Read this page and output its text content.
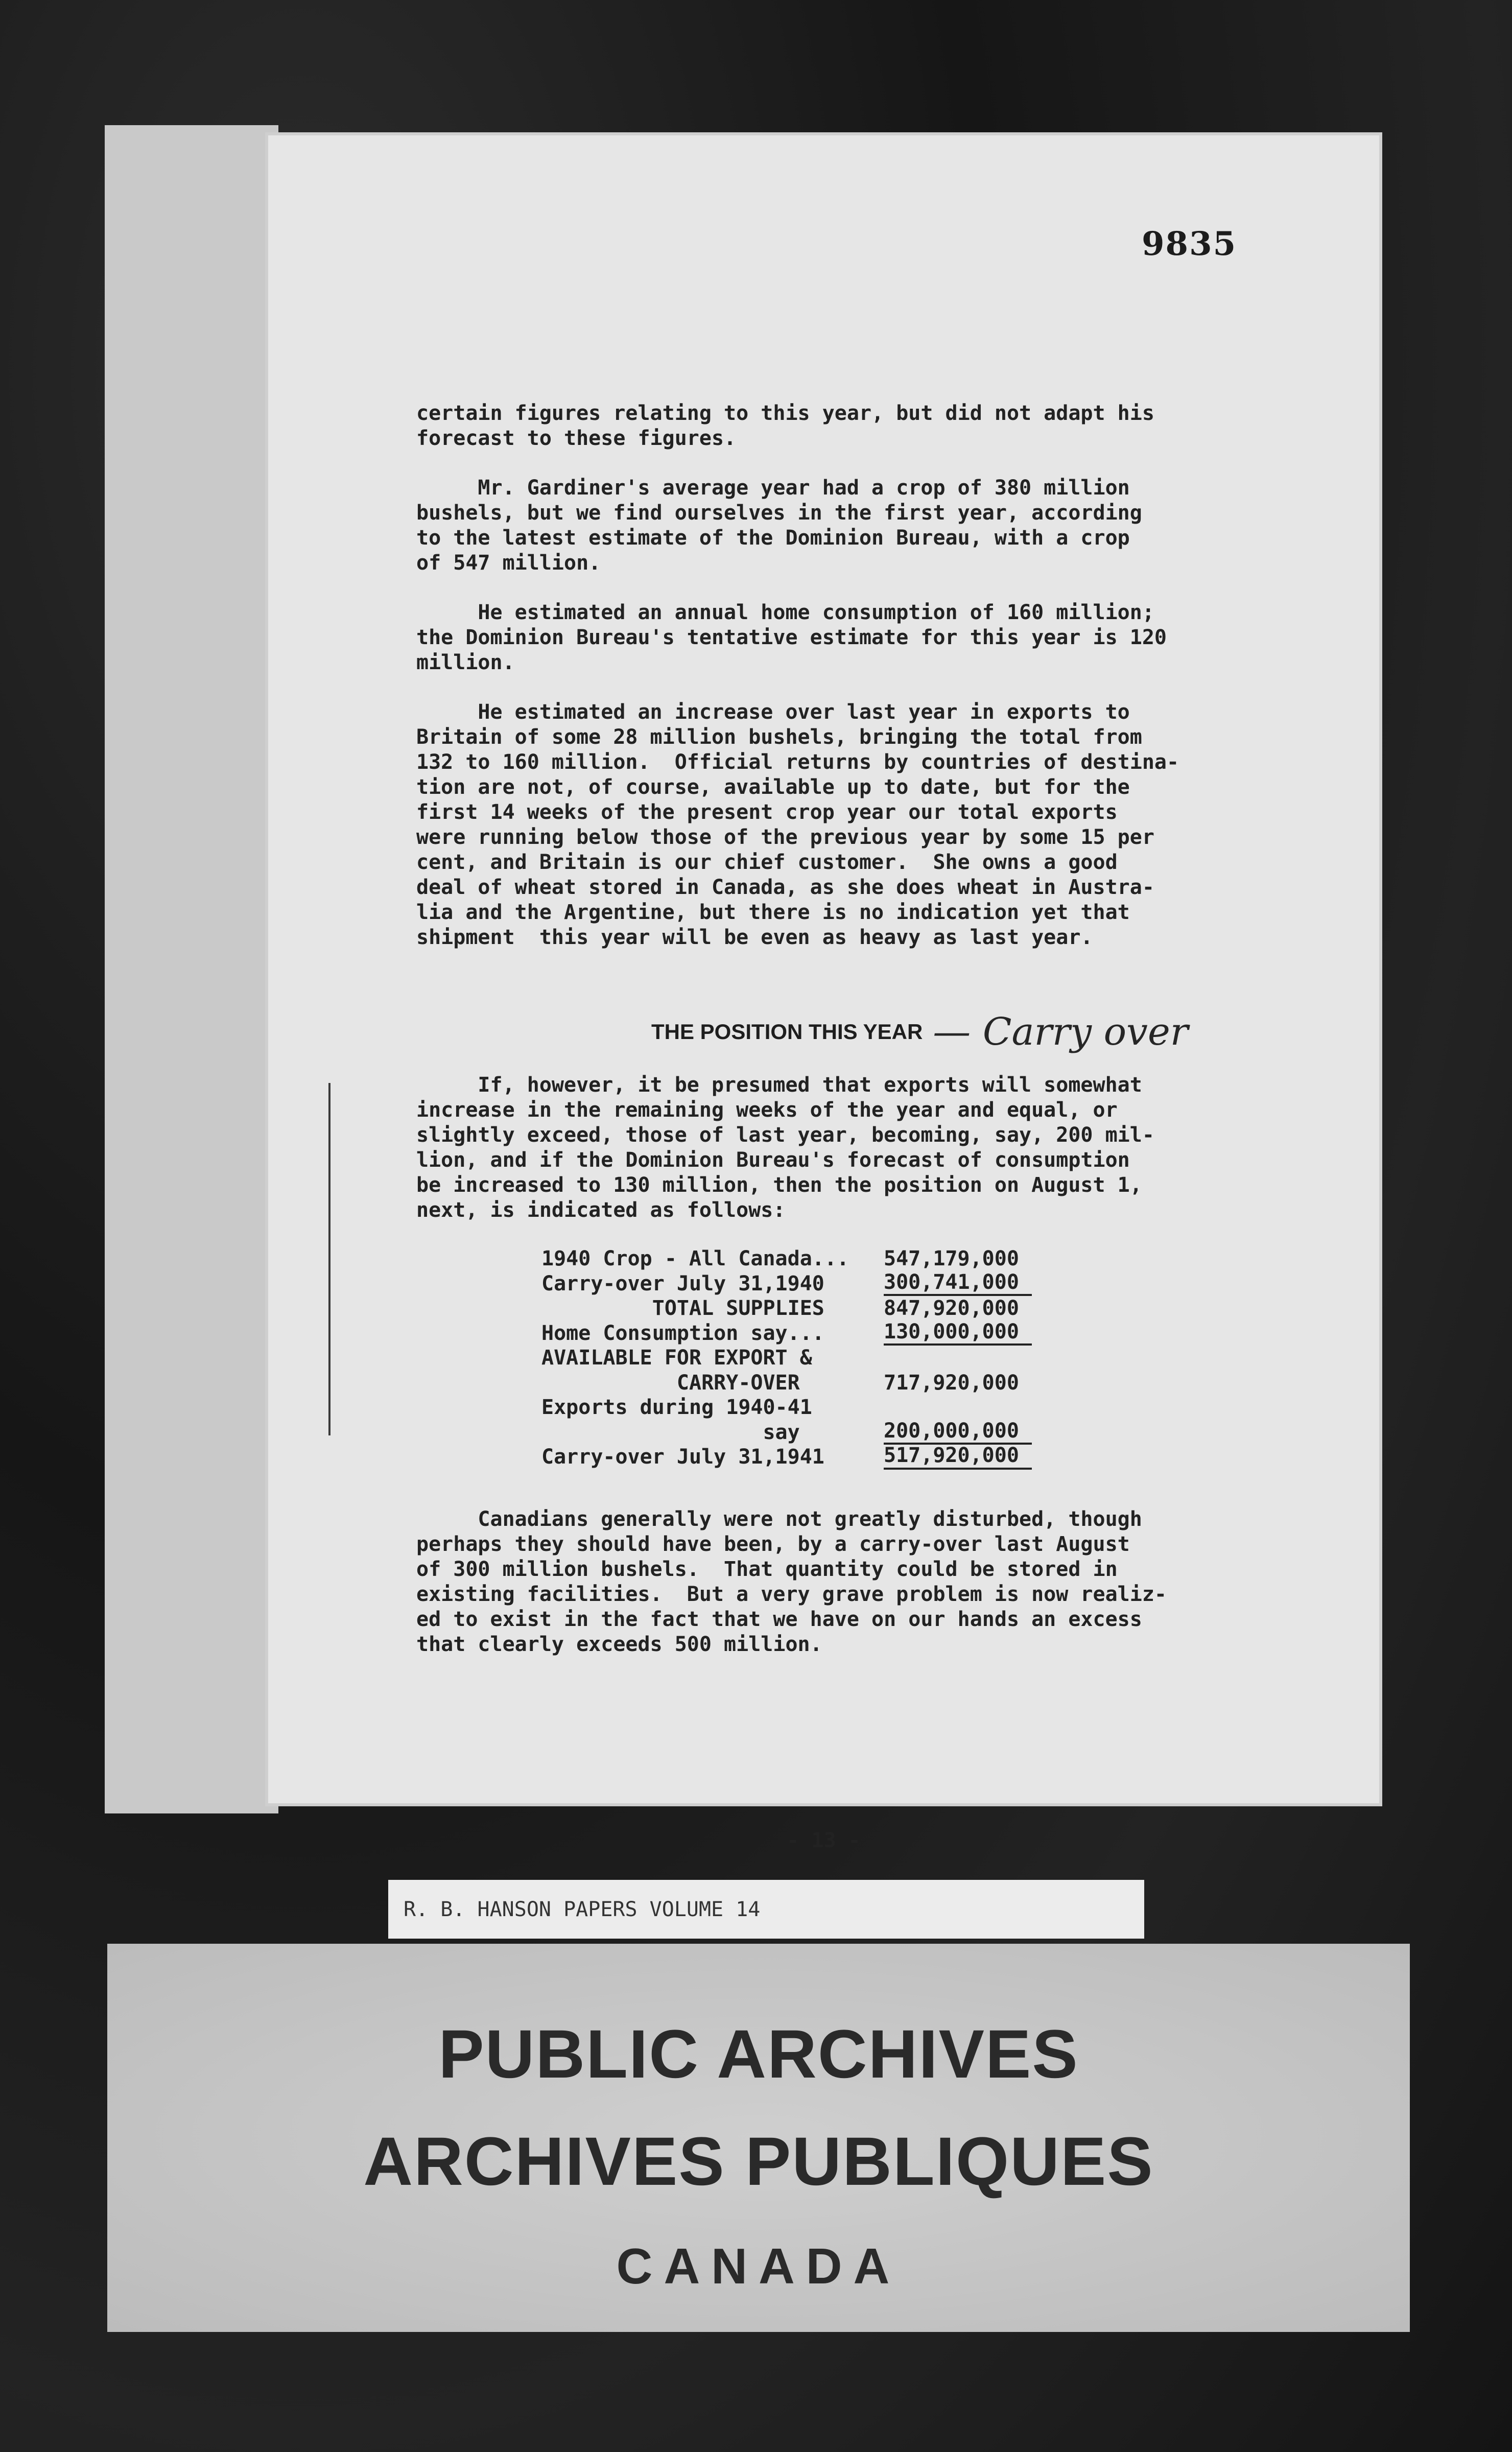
- 13 -
9835
certain figures relating to this year, but did not adapt his
forecast to these figures.
Mr. Gardiner's average year had a crop of 380 million
bushels, but we find ourselves in the first year, according
to the latest estimate of the Dominion Bureau, with a crop
of 547 million.
He estimated an annual home consumption of 160 million;
the Dominion Bureau's tentative estimate for this year is 120
million.
He estimated an increase over last year in exports to
Britain of some 28 million bushels, bringing the total from
132 to 160 million.  Official returns by countries of destina-
tion are not, of course, available up to date, but for the
first 14 weeks of the present crop year our total exports
were running below those of the previous year by some 15 per
cent, and Britain is our chief customer.  She owns a good
deal of wheat stored in Canada, as she does wheat in Austra-
lia and the Argentine, but there is no indication yet that
shipment  this year will be even as heavy as last year.
THE POSITION THIS YEAR — Carry over
If, however, it be presumed that exports will somewhat
increase in the remaining weeks of the year and equal, or
slightly exceed, those of last year, becoming, say, 200 mil-
lion, and if the Dominion Bureau's forecast of consumption
be increased to 130 million, then the position on August 1,
next, is indicated as follows:
1940 Crop - All Canada...	547,179,000
Carry-over July 31,1940	300,741,000
TOTAL SUPPLIES	847,920,000
Home Consumption say...	130,000,000
AVAILABLE FOR EXPORT &
CARRY-OVER	717,920,000
Exports during 1940-41
say	200,000,000
Carry-over July 31,1941	517,920,000
Canadians generally were not greatly disturbed, though
perhaps they should have been, by a carry-over last August
of 300 million bushels.  That quantity could be stored in
existing facilities.  But a very grave problem is now realiz-
ed to exist in the fact that we have on our hands an excess
that clearly exceeds 500 million.
R. B. HANSON PAPERS VOLUME 14
PUBLIC ARCHIVES
ARCHIVES PUBLIQUES
CANADA
